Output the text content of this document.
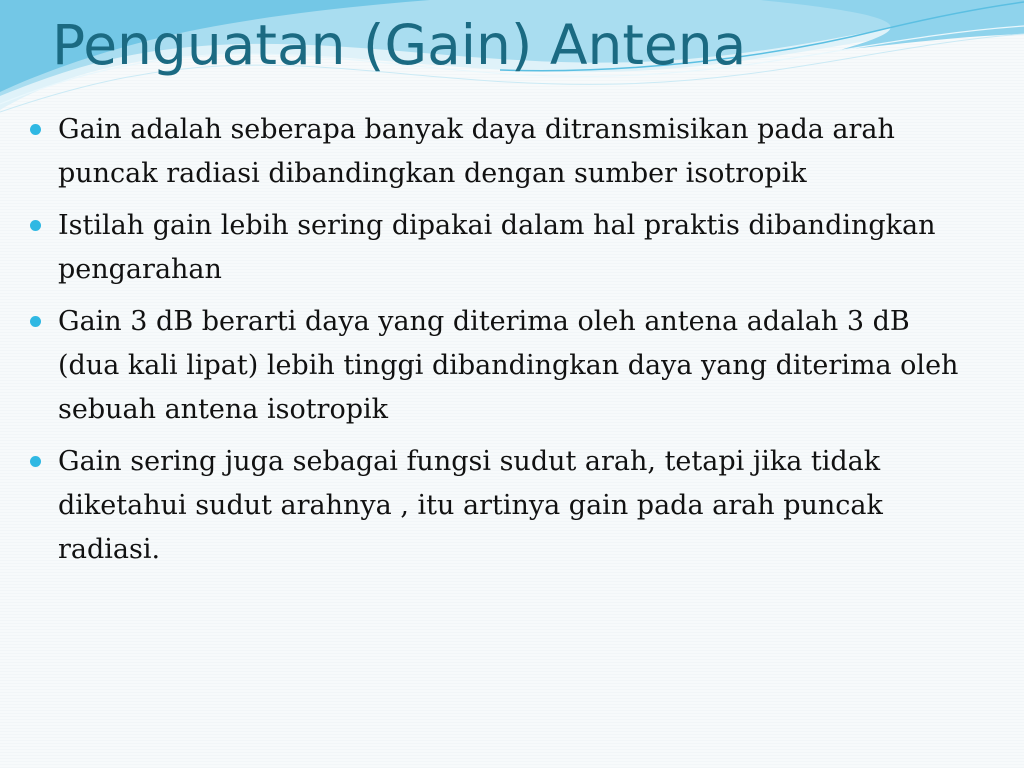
Penguatan (Gain) Antena
Gain adalah seberapa banyak daya ditransmisikan pada arah puncak radiasi dibandingkan dengan sumber isotropik
Istilah gain lebih sering dipakai dalam hal praktis dibandingkan pengarahan
Gain 3 dB berarti daya yang diterima oleh antena adalah 3 dB (dua kali lipat) lebih tinggi dibandingkan daya yang diterima oleh sebuah antena isotropik
Gain sering juga sebagai fungsi sudut arah, tetapi jika tidak diketahui sudut arahnya , itu artinya gain pada arah puncak radiasi.
